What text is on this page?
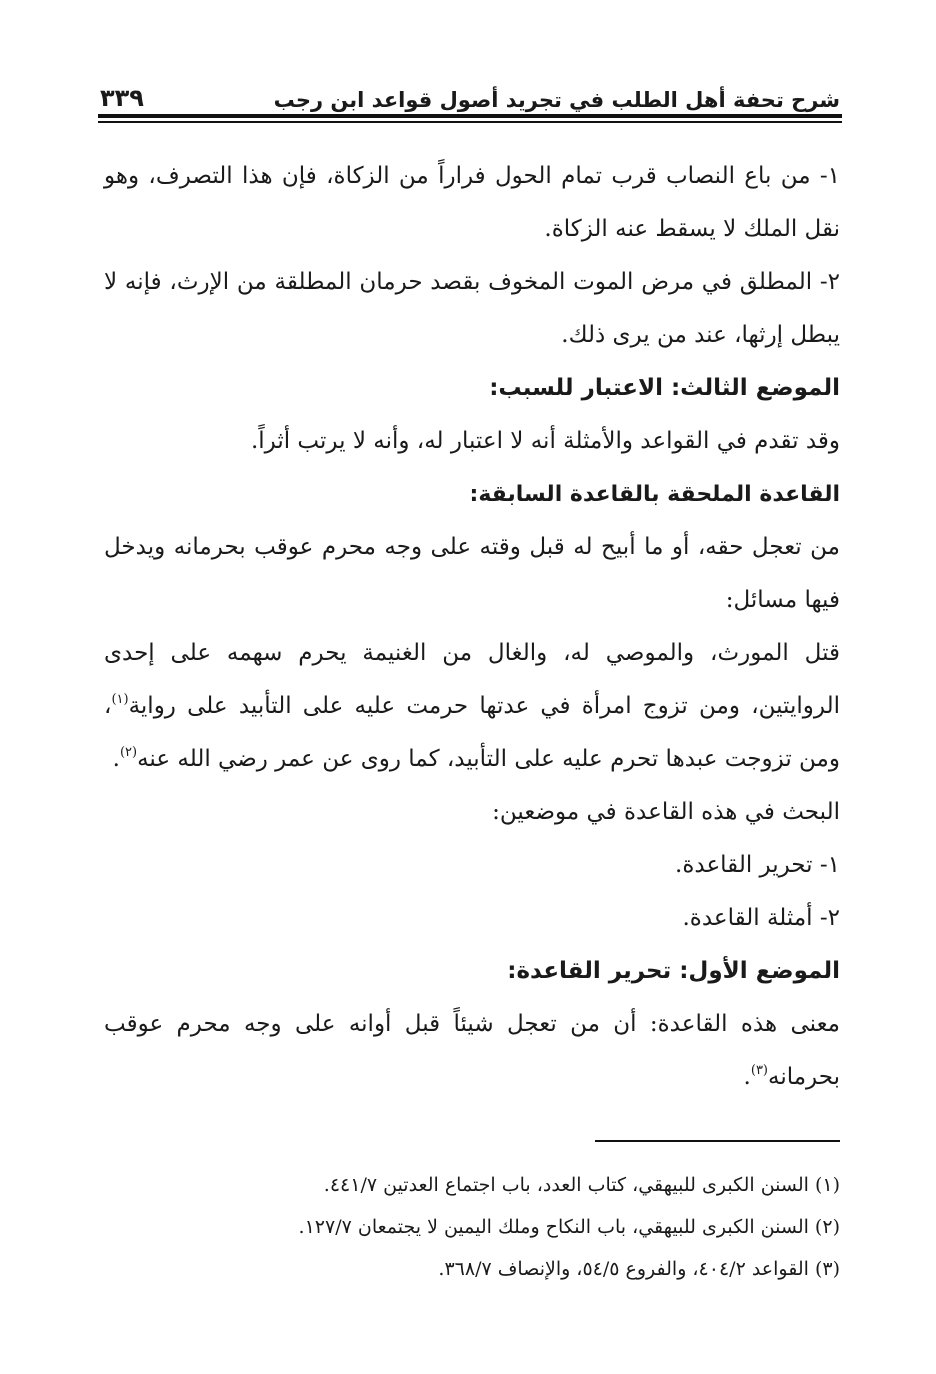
شرح تحفة أهل الطلب في تجريد أصول قواعد ابن رجب
٣٣٩

١- من باع النصاب قرب تمام الحول فراراً من الزكاة، فإن هذا التصرف، وهو نقل الملك لا يسقط عنه الزكاة.

٢- المطلق في مرض الموت المخوف بقصد حرمان المطلقة من الإرث، فإنه لا يبطل إرثها، عند من يرى ذلك.

الموضع الثالث: الاعتبار للسبب:

وقد تقدم في القواعد والأمثلة أنه لا اعتبار له، وأنه لا يرتب أثراً.

القاعدة الملحقة بالقاعدة السابقة:

من تعجل حقه، أو ما أبيح له قبل وقته على وجه محرم عوقب بحرمانه ويدخل فيها مسائل:

قتل المورث، والموصي له، والغال من الغنيمة يحرم سهمه على إحدى الروايتين، ومن تزوج امرأة في عدتها حرمت عليه على التأبيد على رواية$^{(١)}$، ومن تزوجت عبدها تحرم عليه على التأبيد، كما روى عن عمر رضي الله عنه$^{(٢)}$.

البحث في هذه القاعدة في موضعين:

١- تحرير القاعدة.

٢- أمثلة القاعدة.

الموضع الأول: تحرير القاعدة:

معنى هذه القاعدة: أن من تعجل شيئاً قبل أوانه على وجه محرم عوقب بحرمانه$^{(٣)}$.

(١) السنن الكبرى للبيهقي، كتاب العدد، باب اجتماع العدتين ٤٤١/٧.

(٢) السنن الكبرى للبيهقي، باب النكاح وملك اليمين لا يجتمعان ١٢٧/٧.

(٣) القواعد ٤٠٤/٢، والفروع ٥٤/٥، والإنصاف ٣٦٨/٧.
